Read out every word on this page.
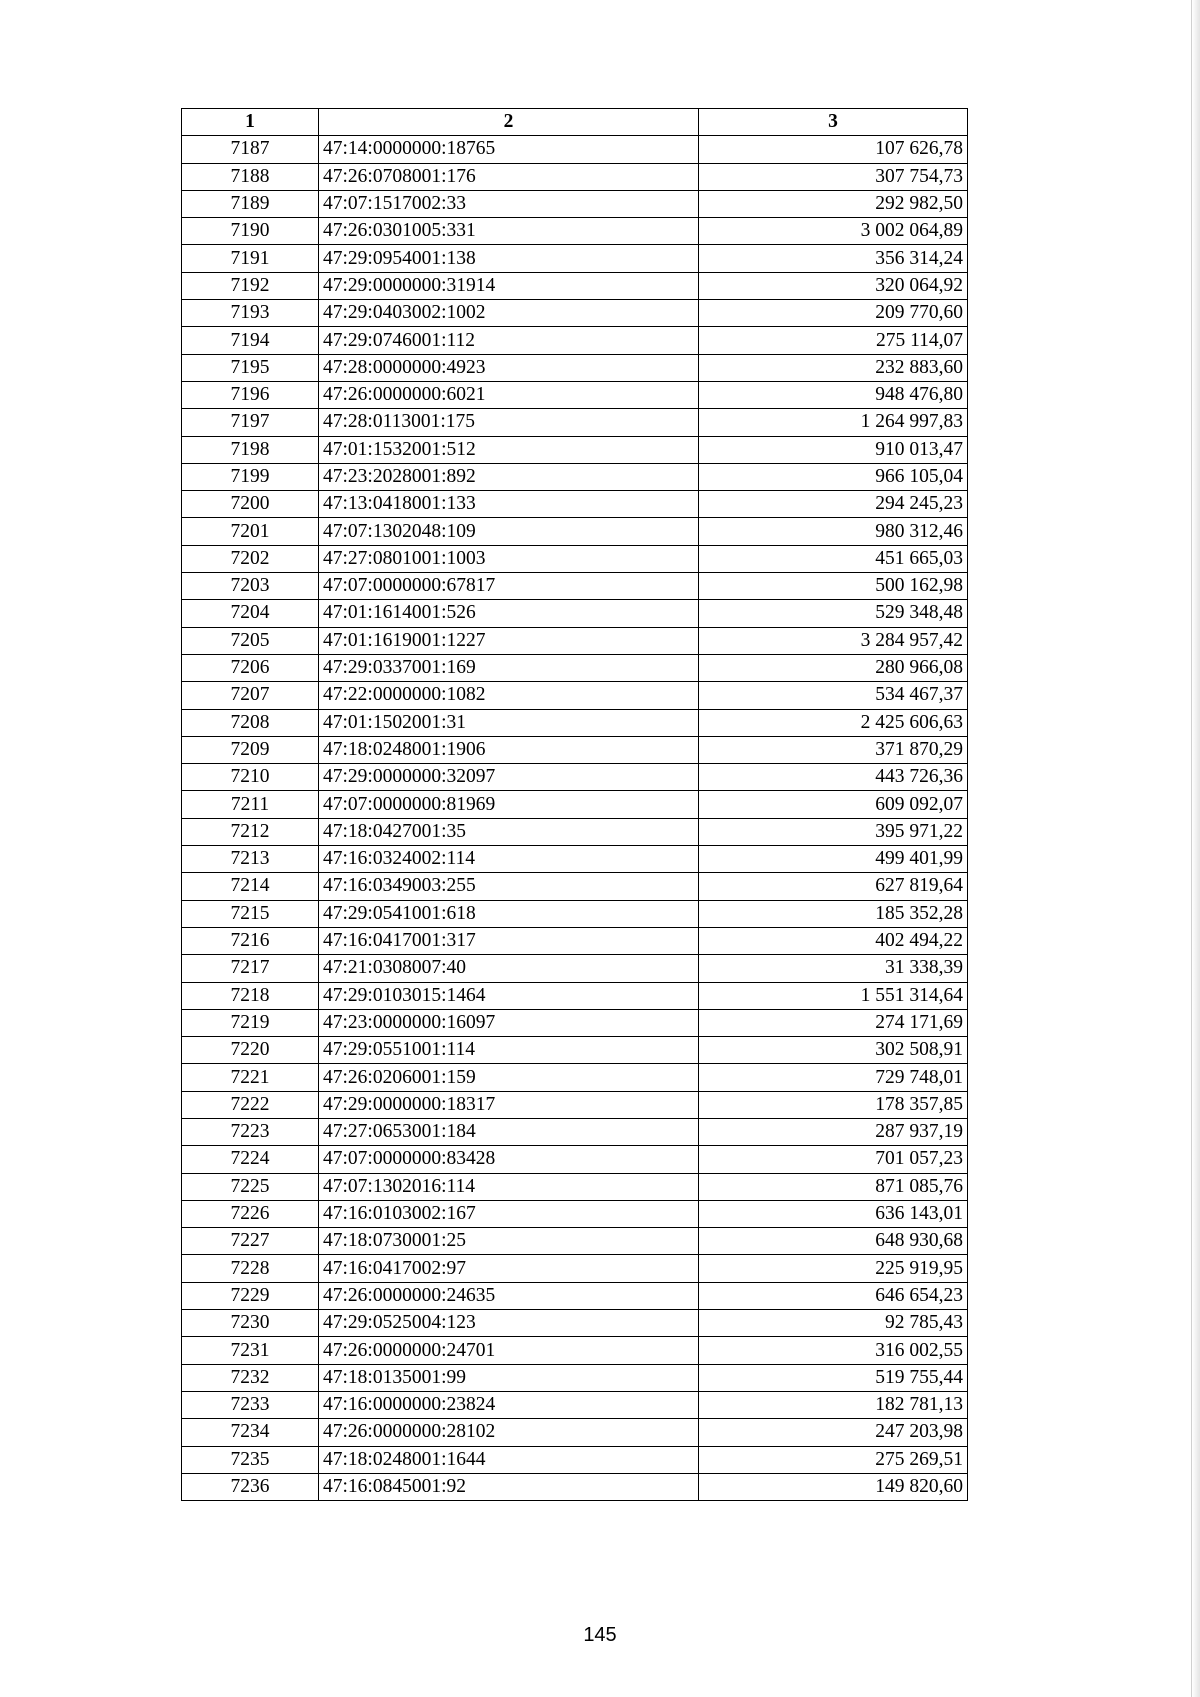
1	2	3
7187	47:14:0000000:18765	107 626,78
7188	47:26:0708001:176	307 754,73
7189	47:07:1517002:33	292 982,50
7190	47:26:0301005:331	3 002 064,89
7191	47:29:0954001:138	356 314,24
7192	47:29:0000000:31914	320 064,92
7193	47:29:0403002:1002	209 770,60
7194	47:29:0746001:112	275 114,07
7195	47:28:0000000:4923	232 883,60
7196	47:26:0000000:6021	948 476,80
7197	47:28:0113001:175	1 264 997,83
7198	47:01:1532001:512	910 013,47
7199	47:23:2028001:892	966 105,04
7200	47:13:0418001:133	294 245,23
7201	47:07:1302048:109	980 312,46
7202	47:27:0801001:1003	451 665,03
7203	47:07:0000000:67817	500 162,98
7204	47:01:1614001:526	529 348,48
7205	47:01:1619001:1227	3 284 957,42
7206	47:29:0337001:169	280 966,08
7207	47:22:0000000:1082	534 467,37
7208	47:01:1502001:31	2 425 606,63
7209	47:18:0248001:1906	371 870,29
7210	47:29:0000000:32097	443 726,36
7211	47:07:0000000:81969	609 092,07
7212	47:18:0427001:35	395 971,22
7213	47:16:0324002:114	499 401,99
7214	47:16:0349003:255	627 819,64
7215	47:29:0541001:618	185 352,28
7216	47:16:0417001:317	402 494,22
7217	47:21:0308007:40	31 338,39
7218	47:29:0103015:1464	1 551 314,64
7219	47:23:0000000:16097	274 171,69
7220	47:29:0551001:114	302 508,91
7221	47:26:0206001:159	729 748,01
7222	47:29:0000000:18317	178 357,85
7223	47:27:0653001:184	287 937,19
7224	47:07:0000000:83428	701 057,23
7225	47:07:1302016:114	871 085,76
7226	47:16:0103002:167	636 143,01
7227	47:18:0730001:25	648 930,68
7228	47:16:0417002:97	225 919,95
7229	47:26:0000000:24635	646 654,23
7230	47:29:0525004:123	92 785,43
7231	47:26:0000000:24701	316 002,55
7232	47:18:0135001:99	519 755,44
7233	47:16:0000000:23824	182 781,13
7234	47:26:0000000:28102	247 203,98
7235	47:18:0248001:1644	275 269,51
7236	47:16:0845001:92	149 820,60
145
